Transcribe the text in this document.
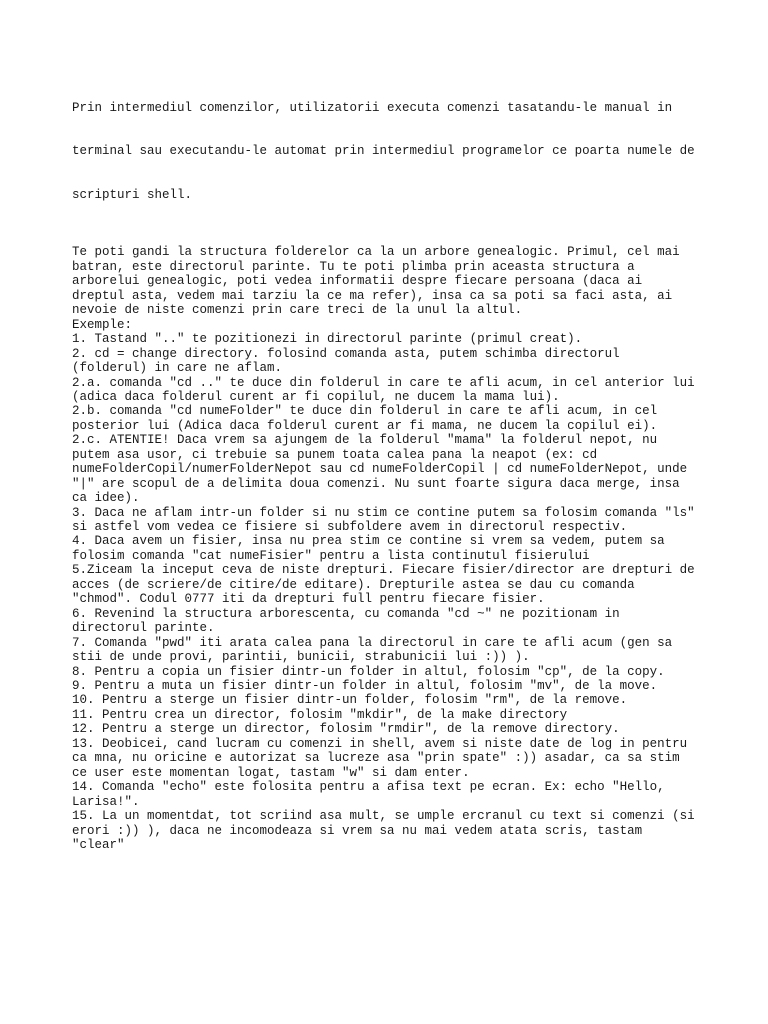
Prin intermediul comenzilor, utilizatorii executa comenzi tasatandu-le manual in

terminal sau executandu-le automat prin intermediul programelor ce poarta numele de

scripturi shell.

Te poti gandi la structura folderelor ca la un arbore genealogic. Primul, cel mai
batran, este directorul parinte. Tu te poti plimba prin aceasta structura a
arborelui genealogic, poti vedea informatii despre fiecare persoana (daca ai
dreptul asta, vedem mai tarziu la ce ma refer), insa ca sa poti sa faci asta, ai
nevoie de niste comenzi prin care treci de la unul la altul.
Exemple:
1. Tastand ".." te pozitionezi in directorul parinte (primul creat).
2. cd = change directory. folosind comanda asta, putem schimba directorul
(folderul) in care ne aflam.
2.a. comanda "cd .." te duce din folderul in care te afli acum, in cel anterior lui
(adica daca folderul curent ar fi copilul, ne ducem la mama lui).
2.b. comanda "cd numeFolder" te duce din folderul in care te afli acum, in cel
posterior lui (Adica daca folderul curent ar fi mama, ne ducem la copilul ei).
2.c. ATENTIE! Daca vrem sa ajungem de la folderul "mama" la folderul nepot, nu
putem asa usor, ci trebuie sa punem toata calea pana la neapot (ex: cd
numeFolderCopil/numerFolderNepot sau cd numeFolderCopil | cd numeFolderNepot, unde
"|" are scopul de a delimita doua comenzi. Nu sunt foarte sigura daca merge, insa
ca idee).
3. Daca ne aflam intr-un folder si nu stim ce contine putem sa folosim comanda "ls"
si astfel vom vedea ce fisiere si subfoldere avem in directorul respectiv.
4. Daca avem un fisier, insa nu prea stim ce contine si vrem sa vedem, putem sa
folosim comanda "cat numeFisier" pentru a lista continutul fisierului
5.Ziceam la inceput ceva de niste drepturi. Fiecare fisier/director are drepturi de
acces (de scriere/de citire/de editare). Drepturile astea se dau cu comanda
"chmod". Codul 0777 iti da drepturi full pentru fiecare fisier.
6. Revenind la structura arborescenta, cu comanda "cd ~" ne pozitionam in
directorul parinte.
7. Comanda "pwd" iti arata calea pana la directorul in care te afli acum (gen sa
stii de unde provi, parintii, bunicii, strabunicii lui :)) ).
8. Pentru a copia un fisier dintr-un folder in altul, folosim "cp", de la copy.
9. Pentru a muta un fisier dintr-un folder in altul, folosim "mv", de la move.
10. Pentru a sterge un fisier dintr-un folder, folosim "rm", de la remove.
11. Pentru crea un director, folosim "mkdir", de la make directory
12. Pentru a sterge un director, folosim "rmdir", de la remove directory.
13. Deobicei, cand lucram cu comenzi in shell, avem si niste date de log in pentru
ca mna, nu oricine e autorizat sa lucreze asa "prin spate" :)) asadar, ca sa stim
ce user este momentan logat, tastam "w" si dam enter.
14. Comanda "echo" este folosita pentru a afisa text pe ecran. Ex: echo "Hello,
Larisa!".
15. La un momentdat, tot scriind asa mult, se umple ercranul cu text si comenzi (si
erori :)) ), daca ne incomodeaza si vrem sa nu mai vedem atata scris, tastam
"clear"
